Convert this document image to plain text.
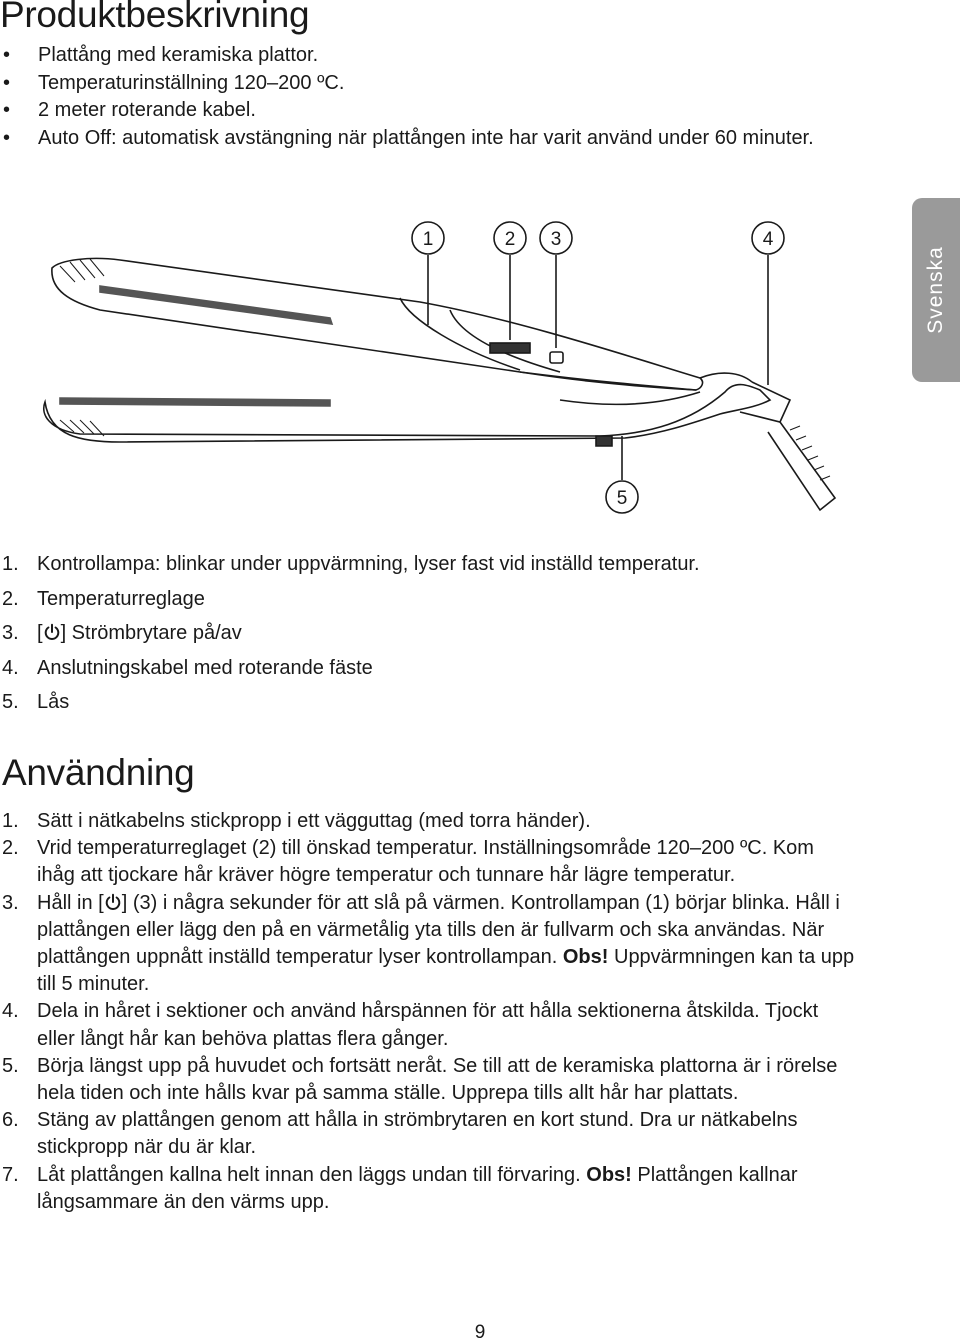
Produktbeskrivning
• Plattång med keramiska plattor.
• Temperaturinställning 120–200 ºC.
• 2 meter roterande kabel.
• Auto Off: automatisk avstängning när plattången inte har varit använd under 60 minuter.
Svenska
1	2 3	4
5
1. Kontrollampa: blinkar under uppvärmning, lyser fast vid inställd temperatur.
2. Temperaturreglage
3. [ ] Strömbrytare på/av
4. Anslutningskabel med roterande fäste
5. Lås
Användning
1. Sätt i nätkabelns stickpropp i ett vägguttag (med torra händer).
2. Vrid temperaturreglaget (2) till önskad temperatur. Inställningsområde 120–200 ºC. Kom ihåg att tjockare hår kräver högre temperatur och tunnare hår lägre temperatur.
3. Håll in [ ] (3) i några sekunder för att slå på värmen. Kontrollampan (1) börjar blinka. Håll i plattången eller lägg den på en värmetålig yta tills den är fullvarm och ska användas. När plattången uppnått inställd temperatur lyser kontrollampan. Obs! Uppvärmningen kan ta upp till 5 minuter.
4. Dela in håret i sektioner och använd hårspännen för att hålla sektionerna åtskilda. Tjockt eller långt hår kan behöva plattas flera gånger.
5. Börja längst upp på huvudet och fortsätt neråt. Se till att de keramiska plattorna är i rörelse hela tiden och inte hålls kvar på samma ställe. Upprepa tills allt hår har plattats.
6. Stäng av plattången genom att hålla in strömbrytaren en kort stund. Dra ur nätkabelns stickpropp när du är klar.
7. Låt plattången kallna helt innan den läggs undan till förvaring. Obs! Plattången kallnar långsammare än den värms upp.
9
